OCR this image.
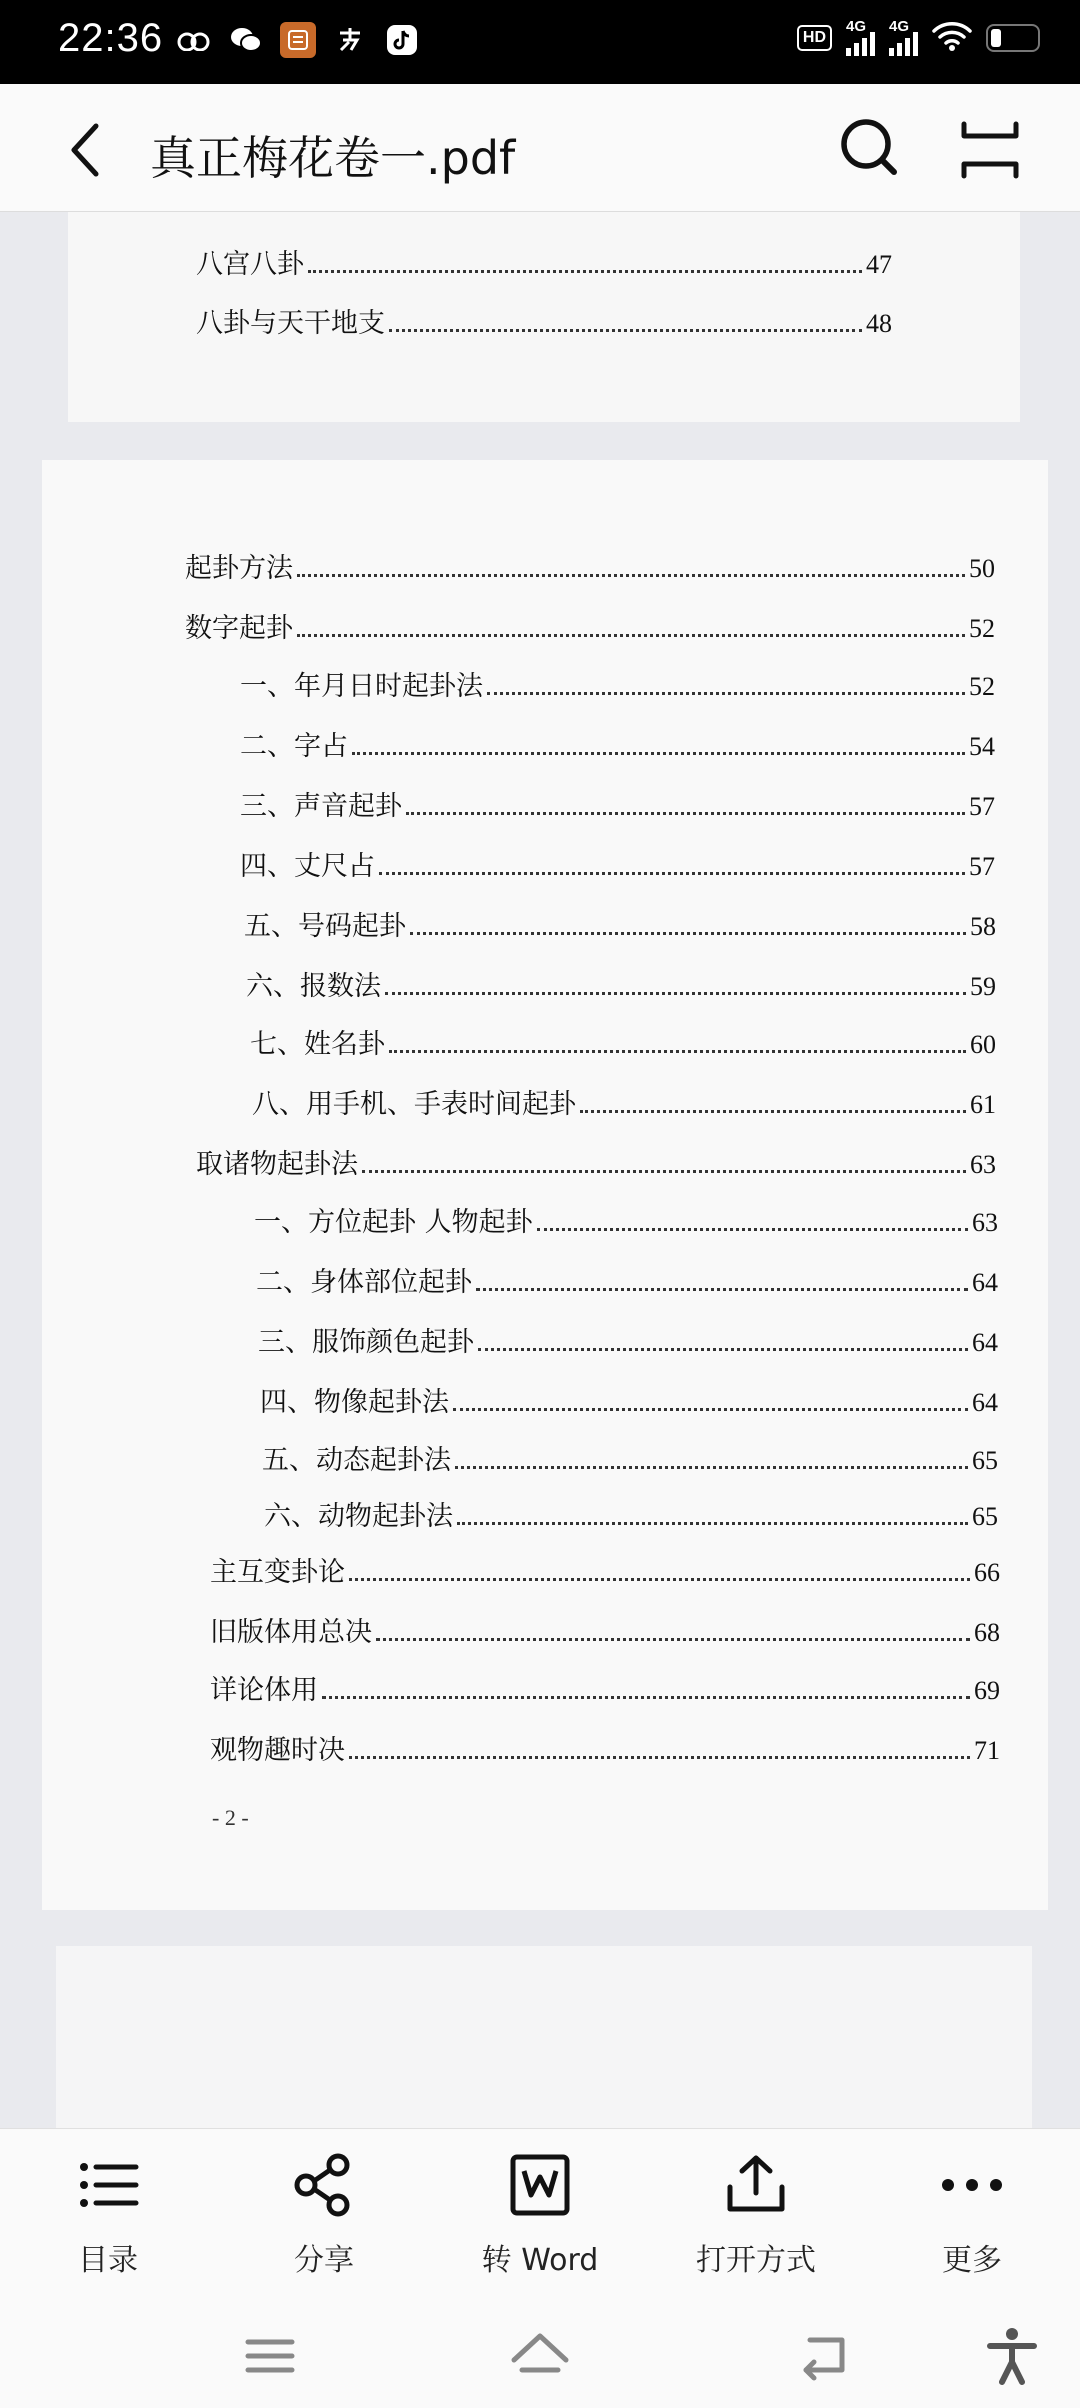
22:36	HD
4G 4G
真正梅花卷一.pdf
八宫八卦	47
八卦与天干地支	48
起卦方法	50
数字起卦	52
一、年月日时起卦法	52
二、字占	54
三、声音起卦	57
四、丈尺占	57
五、号码起卦	58
六、报数法	59
七、姓名卦	60
八、用手机、手表时间起卦	61
取诸物起卦法	63
一、方位起卦 人物起卦	63
二、身体部位起卦	64
三、服饰颜色起卦	64
四、物像起卦法	64
五、动态起卦法	65
六、动物起卦法	65
主互变卦论	66
旧版体用总决	68
详论体用	69
观物趣时决	71
- 2 -
目录	分享	转 Word	打开方式	更多
